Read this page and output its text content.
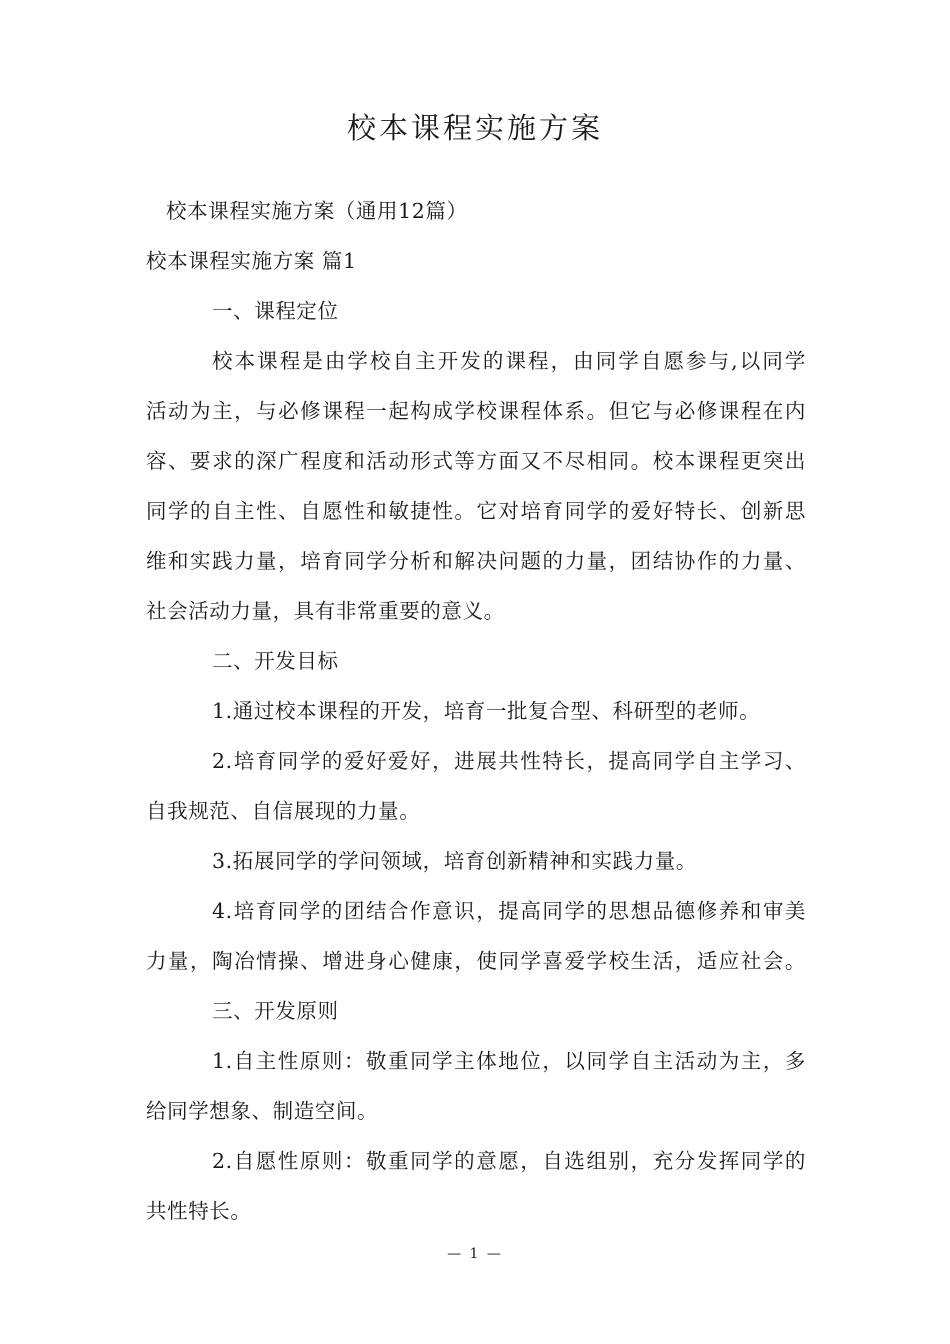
校本课程实施方案
校本课程实施方案（通用12篇）
校本课程实施方案 篇1
一、课程定位
校本课程是由学校自主开发的课程，由同学自愿参与,以同学
活动为主，与必修课程一起构成学校课程体系。但它与必修课程在内
容、要求的深广程度和活动形式等方面又不尽相同。校本课程更突出
同学的自主性、自愿性和敏捷性。它对培育同学的爱好特长、创新思
维和实践力量，培育同学分析和解决问题的力量，团结协作的力量、
社会活动力量，具有非常重要的意义。
二、开发目标
1.通过校本课程的开发，培育一批复合型、科研型的老师。
2.培育同学的爱好爱好，进展共性特长，提高同学自主学习、
自我规范、自信展现的力量。
3.拓展同学的学问领域，培育创新精神和实践力量。
4.培育同学的团结合作意识，提高同学的思想品德修养和审美
力量，陶冶情操、增进身心健康，使同学喜爱学校生活，适应社会。
三、开发原则
1.自主性原则：敬重同学主体地位，以同学自主活动为主，多
给同学想象、制造空间。
2.自愿性原则：敬重同学的意愿，自选组别，充分发挥同学的
共性特长。
— 1 —
